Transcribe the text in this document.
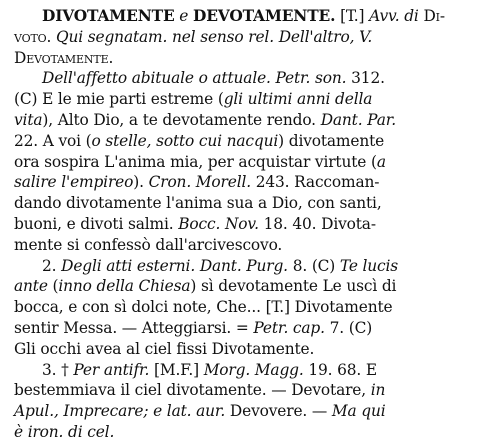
DIVOTAMENTE e DEVOTAMENTE. [T.] Avv. di Di-
voto. Qui segnatam. nel senso rel. Dell'altro, V.
Devotamente.
Dell'affetto abituale o attuale. Petr. son. 312.
(C) E le mie parti estreme (gli ultimi anni della
vita), Alto Dio, a te devotamente rendo. Dant. Par.
22. A voi (o stelle, sotto cui nacqui) divotamente
ora sospira L'anima mia, per acquistar virtute (a
salire l'empireo). Cron. Morell. 243. Raccoman-
dando divotamente l'anima sua a Dio, con santi,
buoni, e divoti salmi. Bocc. Nov. 18. 40. Divota-
mente si confessò dall'arcivescovo.
2. Degli atti esterni. Dant. Purg. 8. (C) Te lucis
ante (inno della Chiesa) sì devotamente Le uscì di
bocca, e con sì dolci note, Che... [T.] Divotamente
sentir Messa. — Atteggiarsi. = Petr. cap. 7. (C)
Gli occhi avea al ciel fissi Divotamente.
3. † Per antifr. [M.F.] Morg. Magg. 19. 68. E
bestemmiava il ciel divotamente. — Devotare, in
Apul., Imprecare; e lat. aur. Devovere. — Ma qui
è iron. di cel.
